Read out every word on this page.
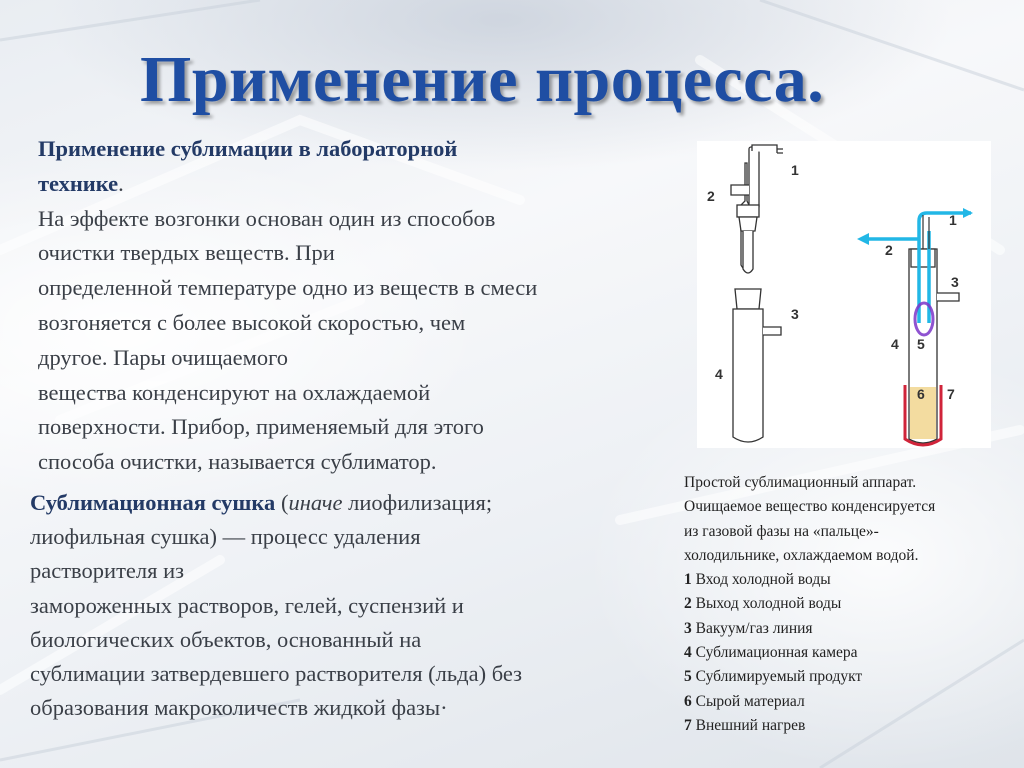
Применение процесса.
Применение сублимации в лабораторной
технике.
На эффекте возгонки основан один из способов
очистки твердых веществ. При
определенной температуре одно из веществ в смеси
возгоняется с более высокой скоростью, чем
другое. Пары очищаемого
вещества конденсируют на охлаждаемой
поверхности. Прибор, применяемый для этого
способа очистки, называется сублиматор.
Сублимационная сушка (иначе лиофилизация;
лиофильная сушка) — процесс удаления
растворителя из
замороженных растворов, гелей, суспензий и
биологических объектов, основанный на
сублимации затвердевшего растворителя (льда) без
образования макроколичеств жидкой фазы·
1
2
3
4
1
2
3
4 5
6 7
Простой сублимационный аппарат.
Очищаемое вещество конденсируется
из газовой фазы на «пальце»-
холодильнике, охлаждаемом водой.
1 Вход холодной воды
2 Выход холодной воды
3 Вакуум/газ линия
4 Сублимационная камера
5 Сублимируемый продукт
6 Сырой материал
7 Внешний нагрев
